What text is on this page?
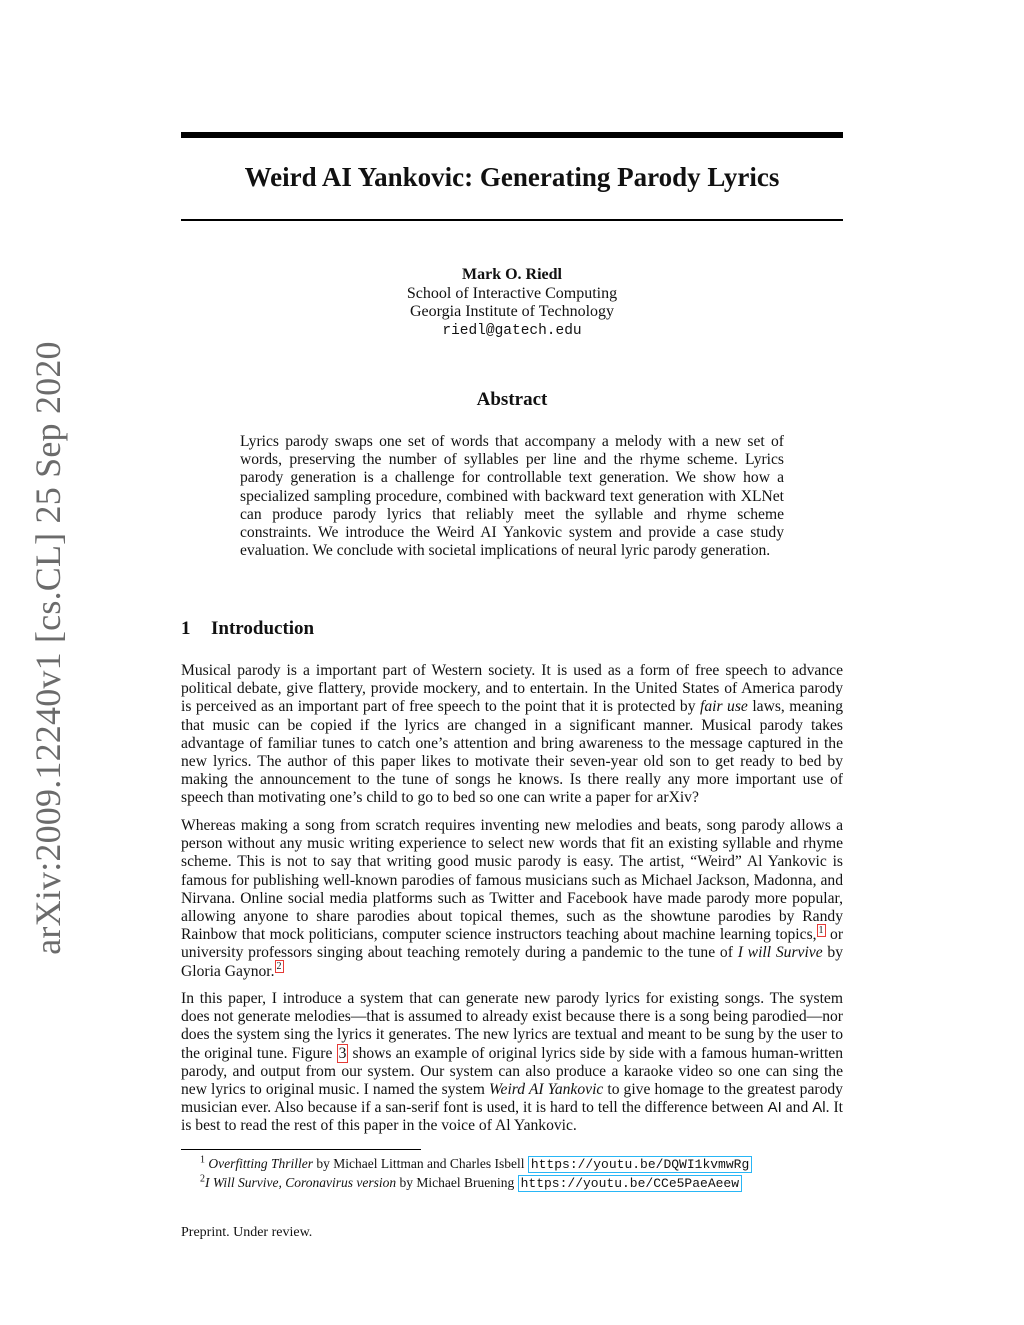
arXiv:2009.12240v1 [cs.CL] 25 Sep 2020
Weird AI Yankovic: Generating Parody Lyrics
Mark O. Riedl
School of Interactive Computing
Georgia Institute of Technology
riedl@gatech.edu
Abstract
Lyrics parody swaps one set of words that accompany a melody with a new set of words, preserving the number of syllables per line and the rhyme scheme. Lyrics parody generation is a challenge for controllable text generation. We show how a specialized sampling procedure, combined with backward text generation with XLNet can produce parody lyrics that reliably meet the syllable and rhyme scheme constraints. We introduce the Weird AI Yankovic system and provide a case study evaluation. We conclude with societal implications of neural lyric parody generation.
1 Introduction
Musical parody is a important part of Western society. It is used as a form of free speech to advance political debate, give flattery, provide mockery, and to entertain. In the United States of America parody is perceived as an important part of free speech to the point that it is protected by fair use laws, meaning that music can be copied if the lyrics are changed in a significant manner. Musical parody takes advantage of familiar tunes to catch one’s attention and bring awareness to the message captured in the new lyrics. The author of this paper likes to motivate their seven-year old son to get ready to bed by making the announcement to the tune of songs he knows. Is there really any more important use of speech than motivating one’s child to go to bed so one can write a paper for arXiv?
Whereas making a song from scratch requires inventing new melodies and beats, song parody allows a person without any music writing experience to select new words that fit an existing syllable and rhyme scheme. This is not to say that writing good music parody is easy. The artist, “Weird” Al Yankovic is famous for publishing well-known parodies of famous musicians such as Michael Jackson, Madonna, and Nirvana. Online social media platforms such as Twitter and Facebook have made parody more popular, allowing anyone to share parodies about topical themes, such as the showtune parodies by Randy Rainbow that mock politicians, computer science instructors teaching about machine learning topics, $^1$ or university professors singing about teaching remotely during a pandemic to the tune of I will Survive by Gloria Gaynor. $^2$
In this paper, I introduce a system that can generate new parody lyrics for existing songs. The system does not generate melodies—that is assumed to already exist because there is a song being parodied—nor does the system sing the lyrics it generates. The new lyrics are textual and meant to be sung by the user to the original tune. Figure 3 shows an example of original lyrics side by side with a famous human-written parody, and output from our system. Our system can also produce a karaoke video so one can sing the new lyrics to original music. I named the system Weird AI Yankovic to give homage to the greatest parody musician ever. Also because if a san-serif font is used, it is hard to tell the difference between AI and Al. It is best to read the rest of this paper in the voice of Al Yankovic.
$^1$ Overfitting Thriller by Michael Littman and Charles Isbell https://youtu.be/DQWI1kvmwRg
$^2$I Will Survive, Coronavirus version by Michael Bruening https://youtu.be/CCe5PaeAeew
Preprint. Under review.
